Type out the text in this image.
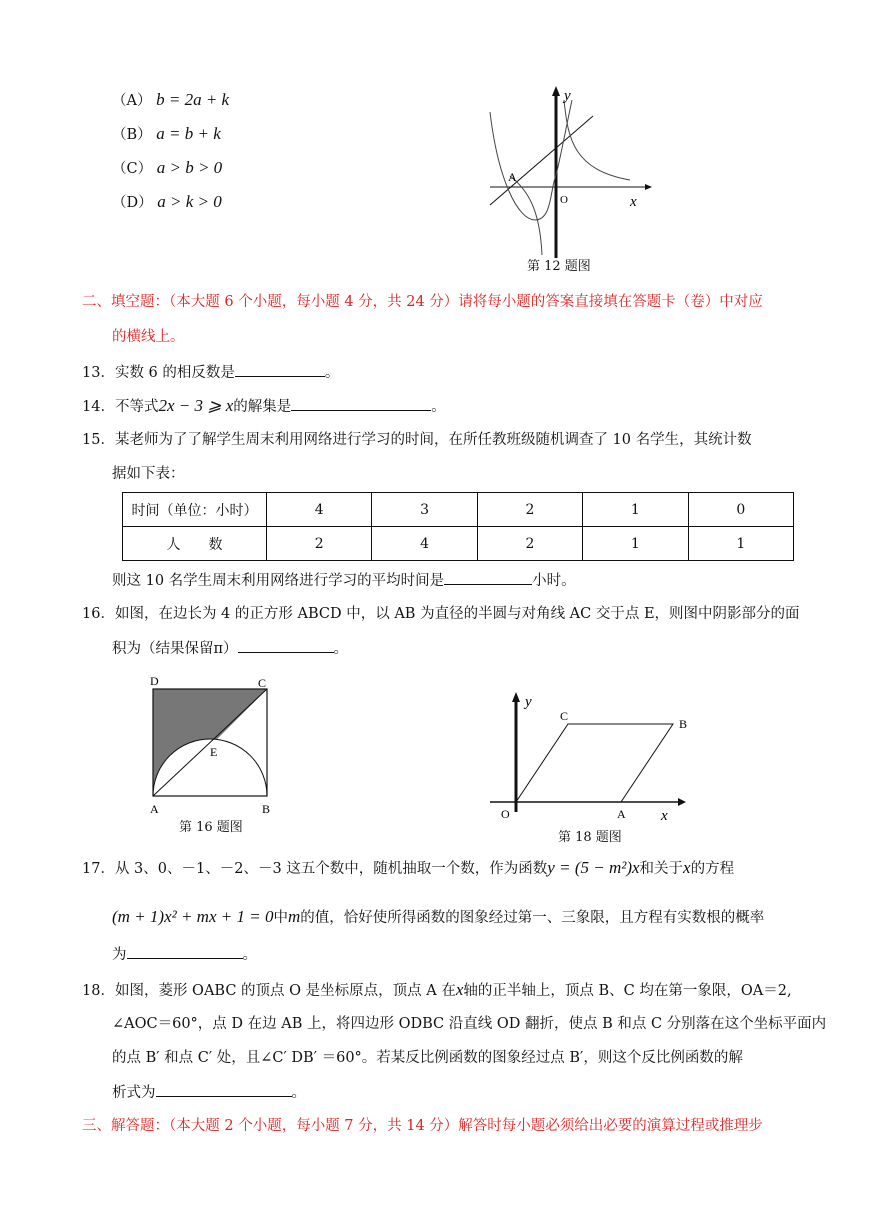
（A） b = 2a + k
（B） a = b + k
（C） a > b > 0
（D） a > k > 0
y
x
A
O
第 12 题图
二、填空题：（本大题 6 个小题，每小题 4 分，共 24 分）请将每小题的答案直接填在答题卡（卷）中对应
的横线上。
13．实数 6 的相反数是	。
14．不等式2x − 3 ⩾ x的解集是	。
15．某老师为了了解学生周末利用网络进行学习的时间，在所任教班级随机调查了 10 名学生，其统计数
据如下表：
时间（单位：小时）	4	3	2	1	0
人　　数	2	4	2	1	1
则这 10 名学生周末利用网络进行学习的平均时间是	小时。
16．如图，在边长为 4 的正方形 ABCD 中，以 AB 为直径的半圆与对角线 AC 交于点 E，则图中阴影部分的面
积为（结果保留π）	。
D	C
E
A	B
第 16 题图
y
x
O	A
B
C
第 18 题图
17．从 3、0、－1、－2、－3 这五个数中，随机抽取一个数，作为函数y = (5 − m²)x和关于x的方程
(m + 1)x² + mx + 1 = 0中m的值，恰好使所得函数的图象经过第一、三象限，且方程有实数根的概率
为	。
18．如图，菱形 OABC 的顶点 O 是坐标原点，顶点 A 在x轴的正半轴上，顶点 B、C 均在第一象限，OA＝2,
∠AOC＝60°，点 D 在边 AB 上，将四边形 ODBC 沿直线 OD 翻折，使点 B 和点 C 分别落在这个坐标平面内
的点 B′ 和点 C′ 处，且∠C′ DB′ ＝60°。若某反比例函数的图象经过点 B′，则这个反比例函数的解
析式为	。
三、解答题：（本大题 2 个小题，每小题 7 分，共 14 分）解答时每小题必须给出必要的演算过程或推理步
